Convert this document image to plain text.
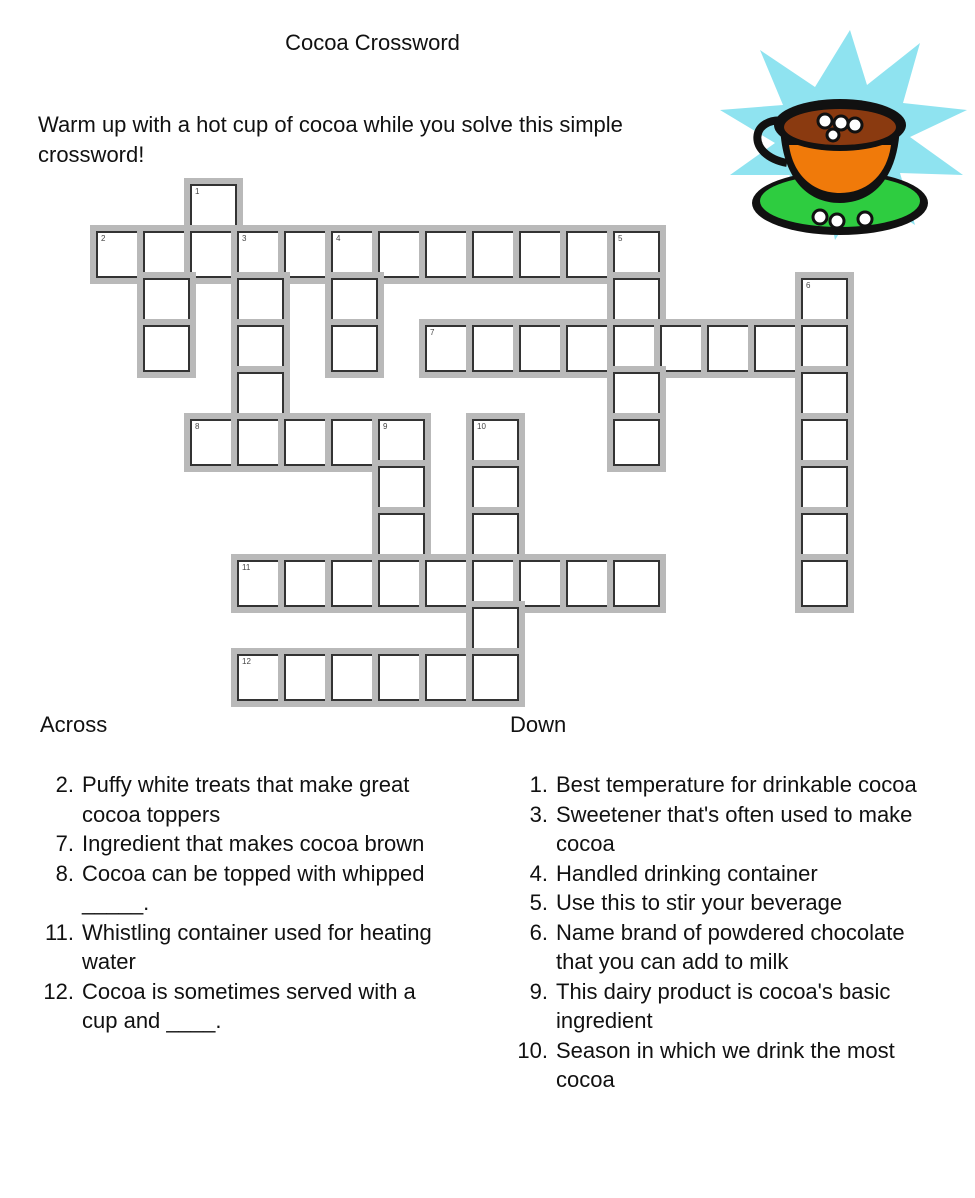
Cocoa Crossword
Warm up with a hot cup of cocoa while you solve this simple crossword!
1
2	3	4	5
6
7
8	9	10
11
12
Across
2. Puffy white treats that make great cocoa toppers
7. Ingredient that makes cocoa brown
8. Cocoa can be topped with whipped _____.
11. Whistling container used for heating water
12. Cocoa is sometimes served with a cup and ____.
Down
1. Best temperature for drinkable cocoa
3. Sweetener that's often used to make cocoa
4. Handled drinking container
5. Use this to stir your beverage
6. Name brand of powdered chocolate that you can add to milk
9. This dairy product is cocoa's basic ingredient
10. Season in which we drink the most cocoa
